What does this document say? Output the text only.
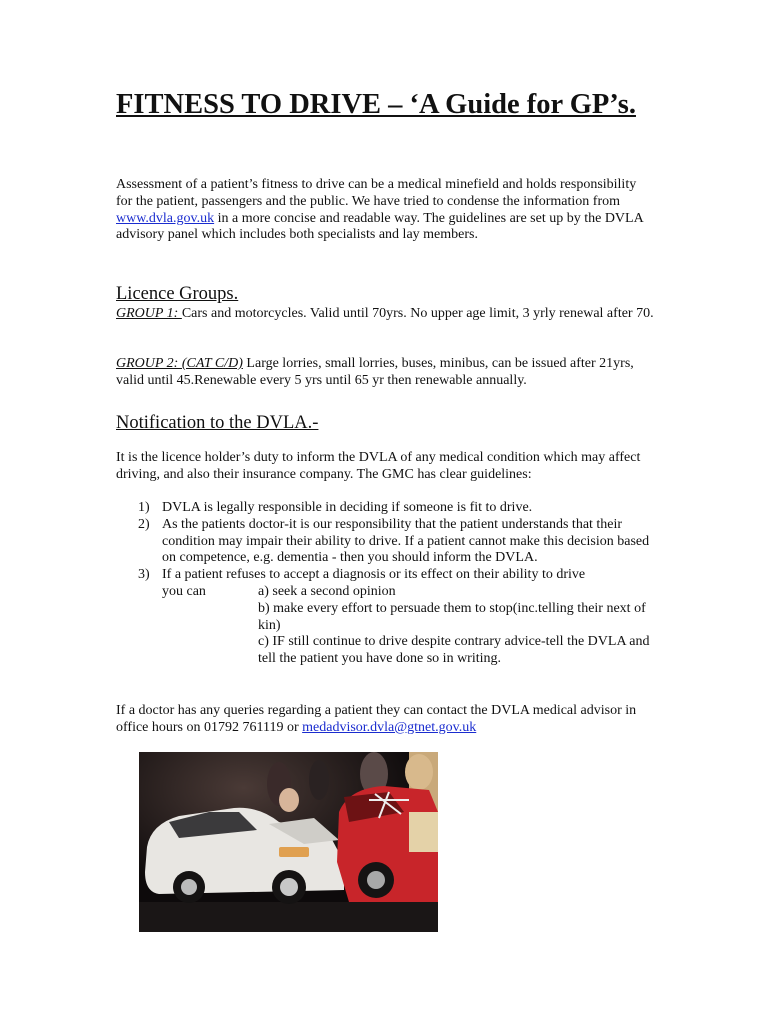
FITNESS TO DRIVE – ‘A Guide for GP’s.

Assessment of a patient’s fitness to drive can be a medical minefield and holds responsibility for the patient, passengers and the public. We have tried to condense the information from www.dvla.gov.uk in a more concise and readable way. The guidelines are set up by the DVLA advisory panel which includes both specialists and lay members.

Licence Groups.

GROUP 1: Cars and motorcycles. Valid until 70yrs. No upper age limit, 3 yrly renewal after 70.

GROUP 2: (CAT C/D) Large lorries, small lorries, buses, minibus, can be issued after 21yrs, valid until 45.Renewable every 5 yrs until 65 yr then renewable annually.

Notification to the DVLA.-

It is the licence holder’s duty to inform the DVLA of any medical condition which may affect driving, and also their insurance company. The GMC has clear guidelines:

1) DVLA is legally responsible in deciding if someone is fit to drive.
2) As the patients doctor-it is our responsibility that the patient understands that their condition may impair their ability to drive. If a patient cannot make this decision based on competence, e.g. dementia - then you should inform the DVLA.
3) If a patient refuses to accept a diagnosis or its effect on their ability to drive
you can	a) seek a second opinion
b) make every effort to persuade them to stop(inc.telling their next of kin)
c) IF still continue to drive despite contrary advice-tell the DVLA and tell the patient you have done so in writing.

If a doctor has any queries regarding a patient they can contact the DVLA medical advisor in office hours on 01792 761119 or medadvisor.dvla@gtnet.gov.uk
